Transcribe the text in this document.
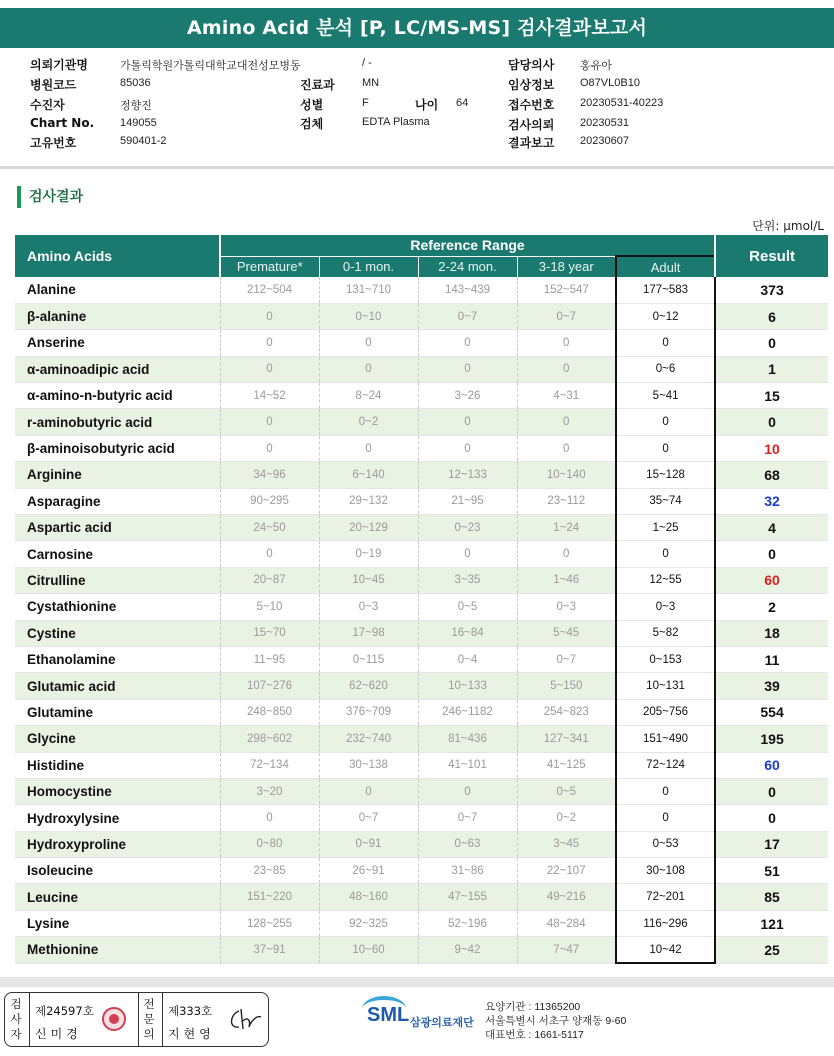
Amino Acid 분석 [P, LC/MS-MS] 검사결과보고서
의뢰기관명	가톨릭학원가톨릭대학교대전성모병동	/ -
병원코드	85036
수진자	정향진
Chart No. 149055
고유번호	590401-2
진료과 MN
성별	F	나이 64
검체	EDTA Plasma
담당의사 홍유아
임상정보 O87VL0B10
접수번호 20230531-40223
검사의뢰 20230531
결과보고 20230607
검사결과
단위: μmol/L
Amino Acids	Reference Range					Result
	Premature*	0-1 mon.	2-24 mon.	3-18 year	Adult	
Alanine	212~504	131~710	143~439	152~547	177~583	373
β-alanine	0	0~10	0~7	0~7	0~12	6
Anserine	0	0	0	0	0	0
α-aminoadipic acid	0	0	0	0	0~6	1
α-amino-n-butyric acid	14~52	8~24	3~26	4~31	5~41	15
r-aminobutyric acid	0	0~2	0	0	0	0
β-aminoisobutyric acid	0	0	0	0	0	10
Arginine	34~96	6~140	12~133	10~140	15~128	68
Asparagine	90~295	29~132	21~95	23~112	35~74	32
Aspartic acid	24~50	20~129	0~23	1~24	1~25	4
Carnosine	0	0~19	0	0	0	0
Citrulline	20~87	10~45	3~35	1~46	12~55	60
Cystathionine	5~10	0~3	0~5	0~3	0~3	2
Cystine	15~70	17~98	16~84	5~45	5~82	18
Ethanolamine	11~95	0~115	0~4	0~7	0~153	11
Glutamic acid	107~276	62~620	10~133	5~150	10~131	39
Glutamine	248~850	376~709	246~1182	254~823	205~756	554
Glycine	298~602	232~740	81~436	127~341	151~490	195
Histidine	72~134	30~138	41~101	41~125	72~124	60
Homocystine	3~20	0	0	0~5	0	0
Hydroxylysine	0	0~7	0~7	0~2	0	0
Hydroxyproline	0~80	0~91	0~63	3~45	0~53	17
Isoleucine	23~85	26~91	31~86	22~107	30~108	51
Leucine	151~220	48~160	47~155	49~216	72~201	85
Lysine	128~255	92~325	52~196	48~284	116~296	121
Methionine	37~91	10~60	9~42	7~47	10~42	25
검사자
제24597호
신미경
전문의
제333호
지현영
SML 삼광의료재단
요양기관 : 11365200
서울특별시 서초구 양재동 9-60
대표번호 : 1661-5117
